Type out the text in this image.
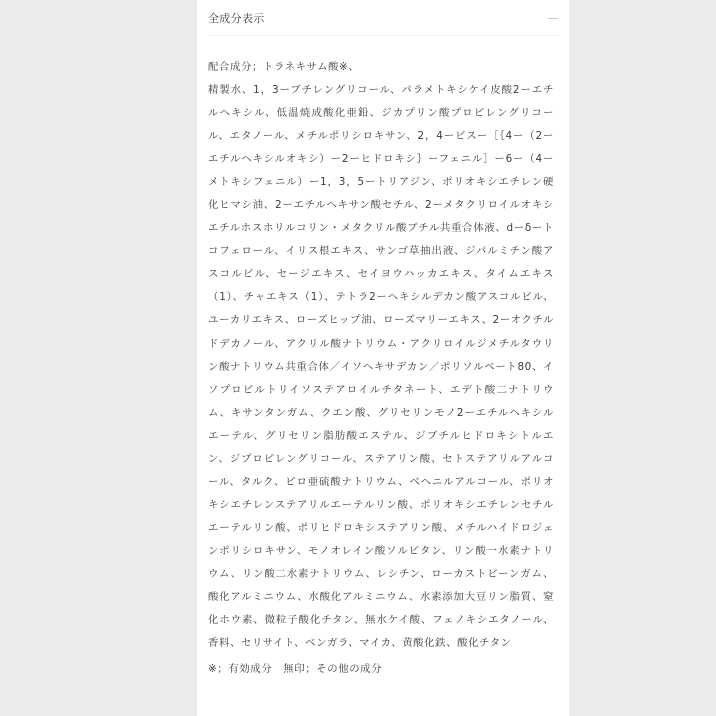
全成分表示
配合成分；トラネキサム酸※、

精製水、1，3ーブチレングリコール、パラメトキシケイ皮酸2ーエチルヘキシル、低温焼成酸化亜鉛、ジカプリン酸プロピレングリコール、エタノール、メチルポリシロキサン、2，4ービスー［｛4ー（2ーエチルヘキシルオキシ）ー2ーヒドロキシ｝ーフェニル］ー6ー（4ーメトキシフェニル）ー1，3，5ートリアジン、ポリオキシエチレン硬化ヒマシ油、2ーエチルヘキサン酸セチル、2ーメタクリロイルオキシエチルホスホリルコリン・メタクリル酸ブチル共重合体液、dーδートコフェロール、イリス根エキス、サンゴ草抽出液、ジパルミチン酸アスコルビル、セージエキス、セイヨウハッカエキス、タイムエキス（1）、チャエキス（1）、テトラ2ーヘキシルデカン酸アスコルビル、ユーカリエキス、ローズヒップ油、ローズマリーエキス、2ーオクチルドデカノール、アクリル酸ナトリウム・アクリロイルジメチルタウリン酸ナトリウム共重合体／イソヘキサデカン／ポリソルベート80、イソプロピルトリイソステアロイルチタネート、エデト酸二ナトリウム、キサンタンガム、クエン酸、グリセリンモノ2ーエチルヘキシルエーテル、グリセリン脂肪酸エステル、ジブチルヒドロキシトルエン、ジプロピレングリコール、ステアリン酸、セトステアリルアルコール、タルク、ピロ亜硫酸ナトリウム、ベヘニルアルコール、ポリオキシエチレンステアリルエーテルリン酸、ポリオキシエチレンセチルエーテルリン酸、ポリヒドロキシステアリン酸、メチルハイドロジェンポリシロキサン、モノオレイン酸ソルビタン、リン酸一水素ナトリウム、リン酸二水素ナトリウム、レシチン、ローカストビーンガム、酸化アルミニウム、水酸化アルミニウム、水素添加大豆リン脂質、窒化ホウ素、微粒子酸化チタン、無水ケイ酸、フェノキシエタノール、香料、セリサイト、ベンガラ、マイカ、黄酸化鉄、酸化チタン

※；有効成分　無印；その他の成分
